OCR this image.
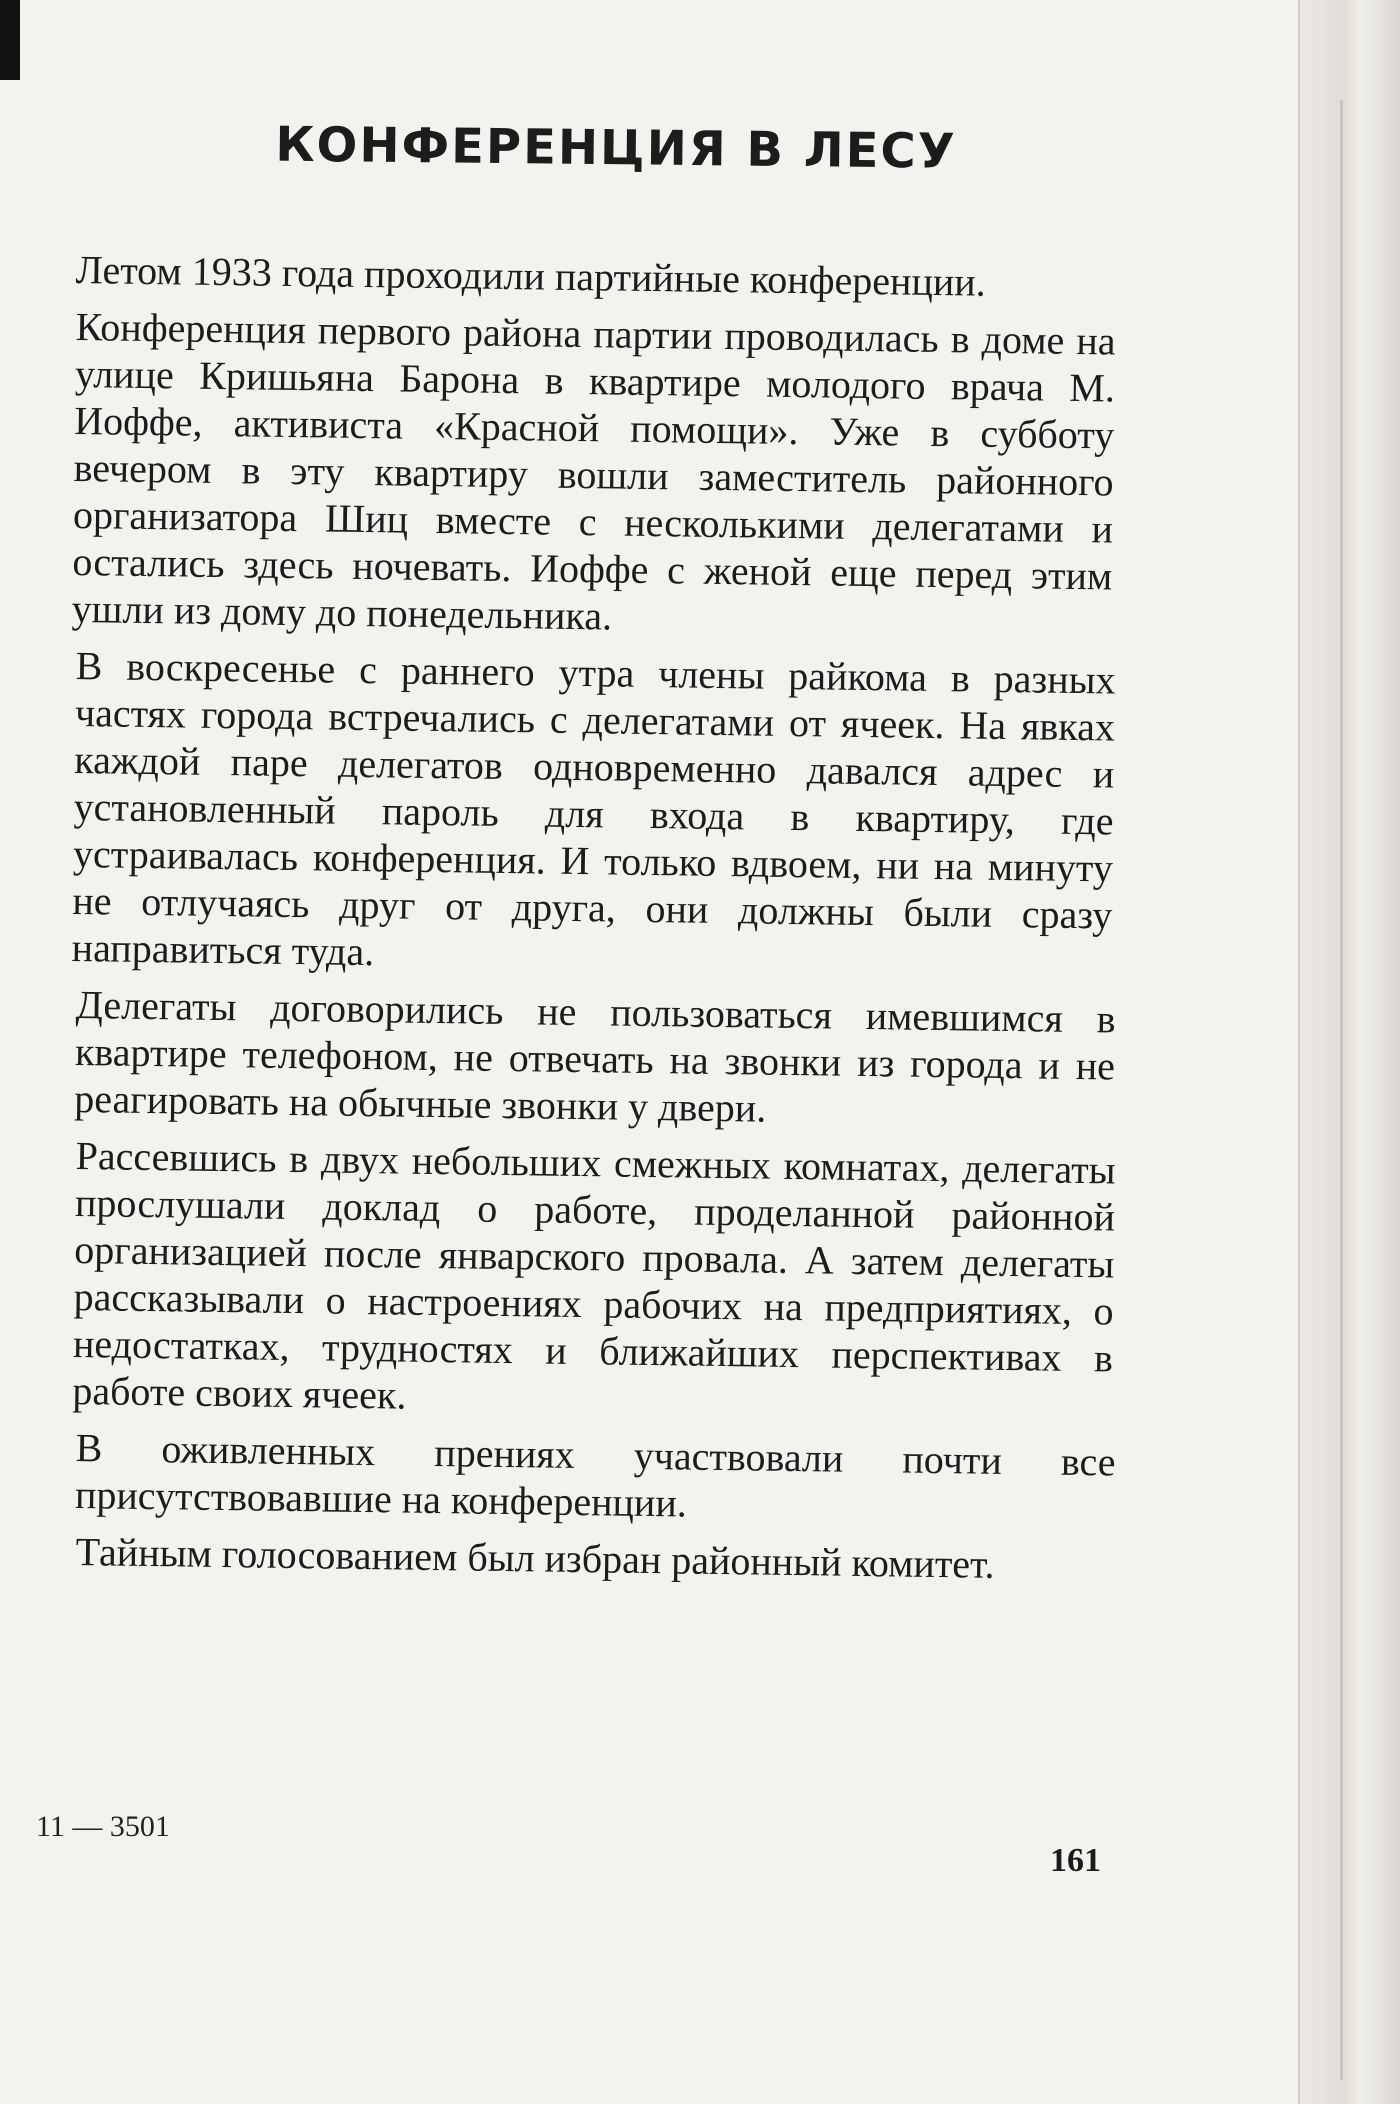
КОНФЕРЕНЦИЯ В ЛЕСУ

Летом 1933 года проходили партийные конференции.

Конференция первого района партии проводилась в доме на улице Кришьяна Барона в квартире молодого врача М. Иоффе, активиста «Красной помощи». Уже в субботу вечером в эту квартиру вошли заместитель районного организатора Шиц вместе с несколькими делегатами и остались здесь ночевать. Иоффе с женой еще перед этим ушли из дому до понедельника.

В воскресенье с раннего утра члены райкома в разных частях города встречались с делегатами от ячеек. На явках каждой паре делегатов одновременно давался адрес и установленный пароль для входа в квартиру, где устраивалась конференция. И только вдвоем, ни на минуту не отлучаясь друг от друга, они должны были сразу направиться туда.

Делегаты договорились не пользоваться имевшимся в квартире телефоном, не отвечать на звонки из города и не реагировать на обычные звонки у двери.

Рассевшись в двух небольших смежных комнатах, делегаты прослушали доклад о работе, проделанной районной организацией после январского провала. А затем делегаты рассказывали о настроениях рабочих на предприятиях, о недостатках, трудностях и ближайших перспективах в работе своих ячеек.

В оживленных прениях участвовали почти все присутствовавшие на конференции.

Тайным голосованием был избран районный комитет.

11 — 3501
161
